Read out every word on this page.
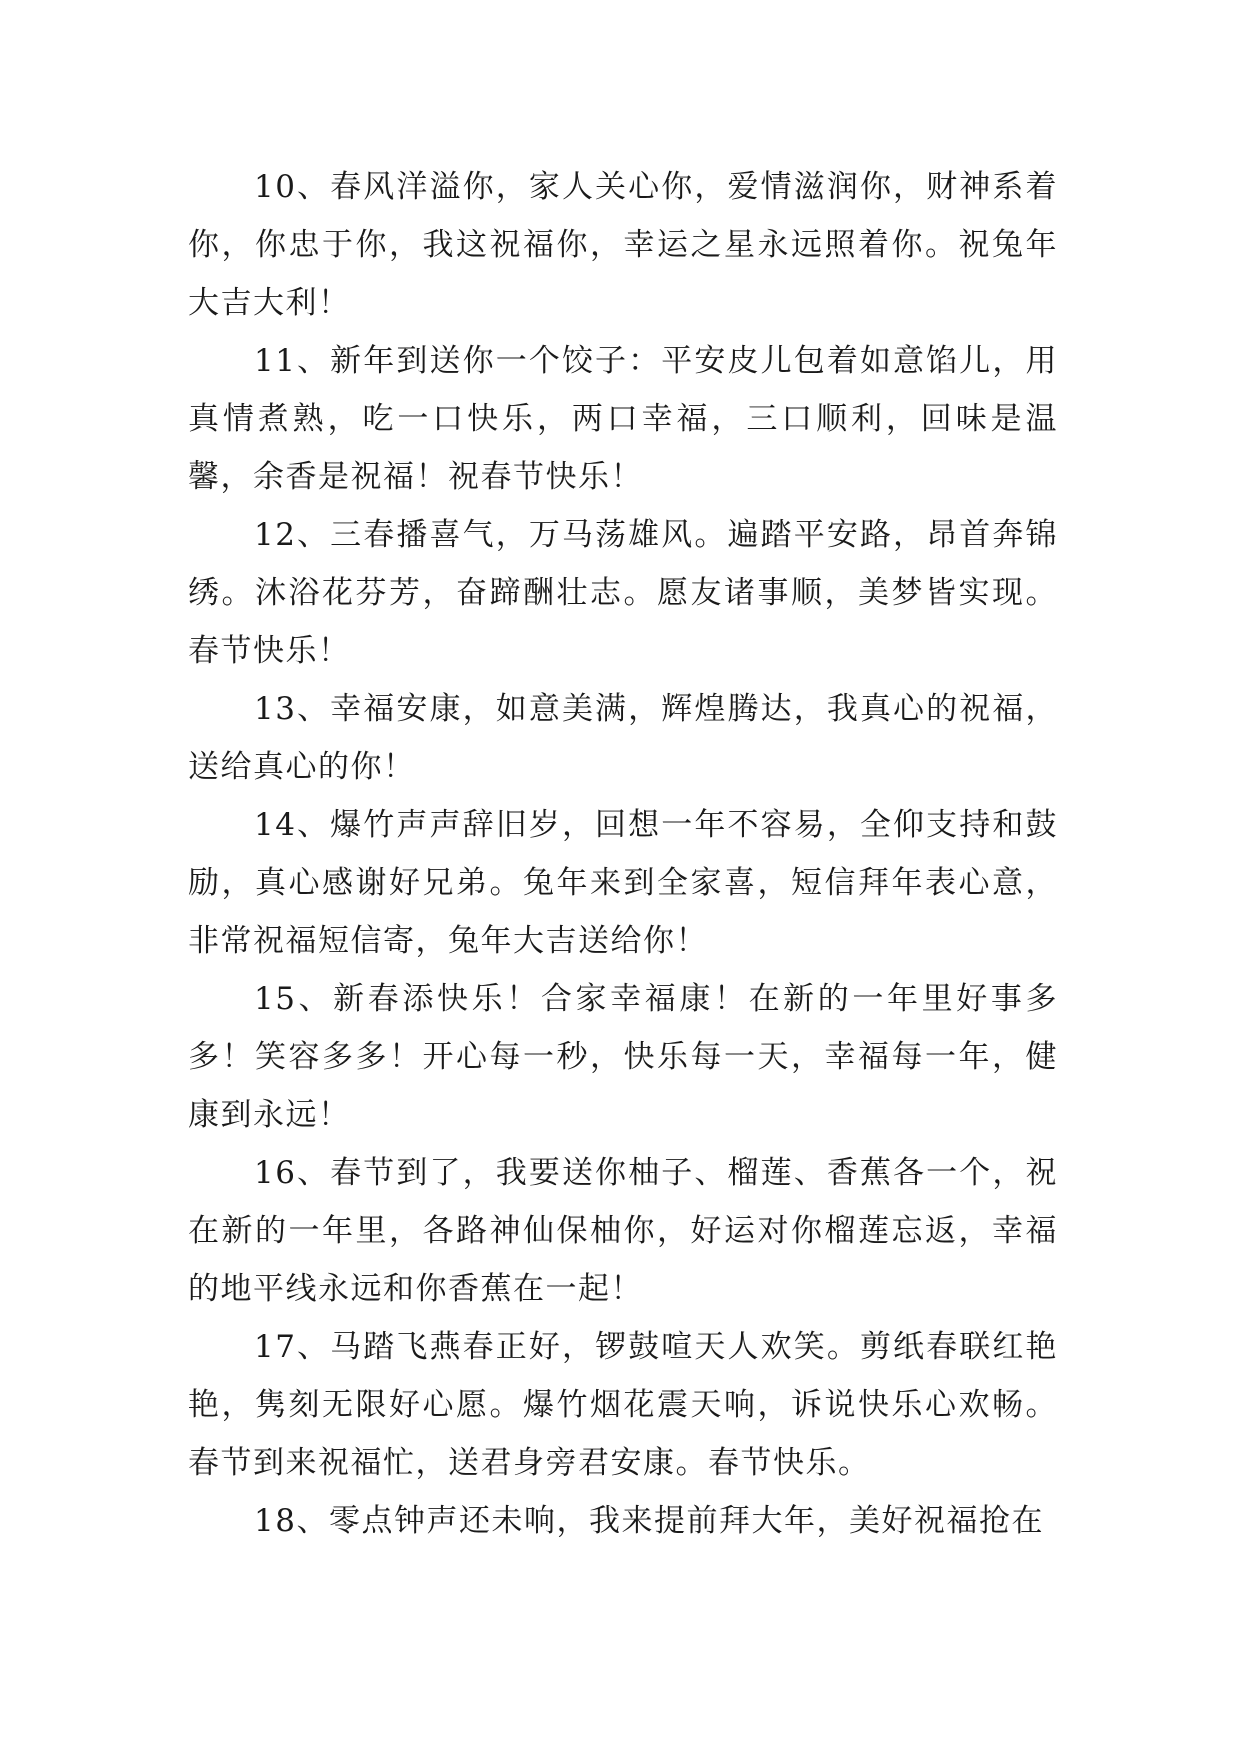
10、春风洋溢你，家人关心你，爱情滋润你，财神系着你，你忠于你，我这祝福你，幸运之星永远照着你。祝兔年大吉大利！

11、新年到送你一个饺子：平安皮儿包着如意馅儿，用真情煮熟，吃一口快乐，两口幸福，三口顺利，回味是温馨，余香是祝福！祝春节快乐！

12、三春播喜气，万马荡雄风。遍踏平安路，昂首奔锦绣。沐浴花芬芳，奋蹄酬壮志。愿友诸事顺，美梦皆实现。春节快乐！

13、幸福安康，如意美满，辉煌腾达，我真心的祝福，送给真心的你！

14、爆竹声声辞旧岁，回想一年不容易，全仰支持和鼓励，真心感谢好兄弟。兔年来到全家喜，短信拜年表心意，非常祝福短信寄，兔年大吉送给你！

15、新春添快乐！合家幸福康！在新的一年里好事多多！笑容多多！开心每一秒，快乐每一天，幸福每一年，健康到永远！

16、春节到了，我要送你柚子、榴莲、香蕉各一个，祝在新的一年里，各路神仙保柚你，好运对你榴莲忘返，幸福的地平线永远和你香蕉在一起！

17、马踏飞燕春正好，锣鼓喧天人欢笑。剪纸春联红艳艳，隽刻无限好心愿。爆竹烟花震天响，诉说快乐心欢畅。春节到来祝福忙，送君身旁君安康。春节快乐。

18、零点钟声还未响，我来提前拜大年，美好祝福抢在
